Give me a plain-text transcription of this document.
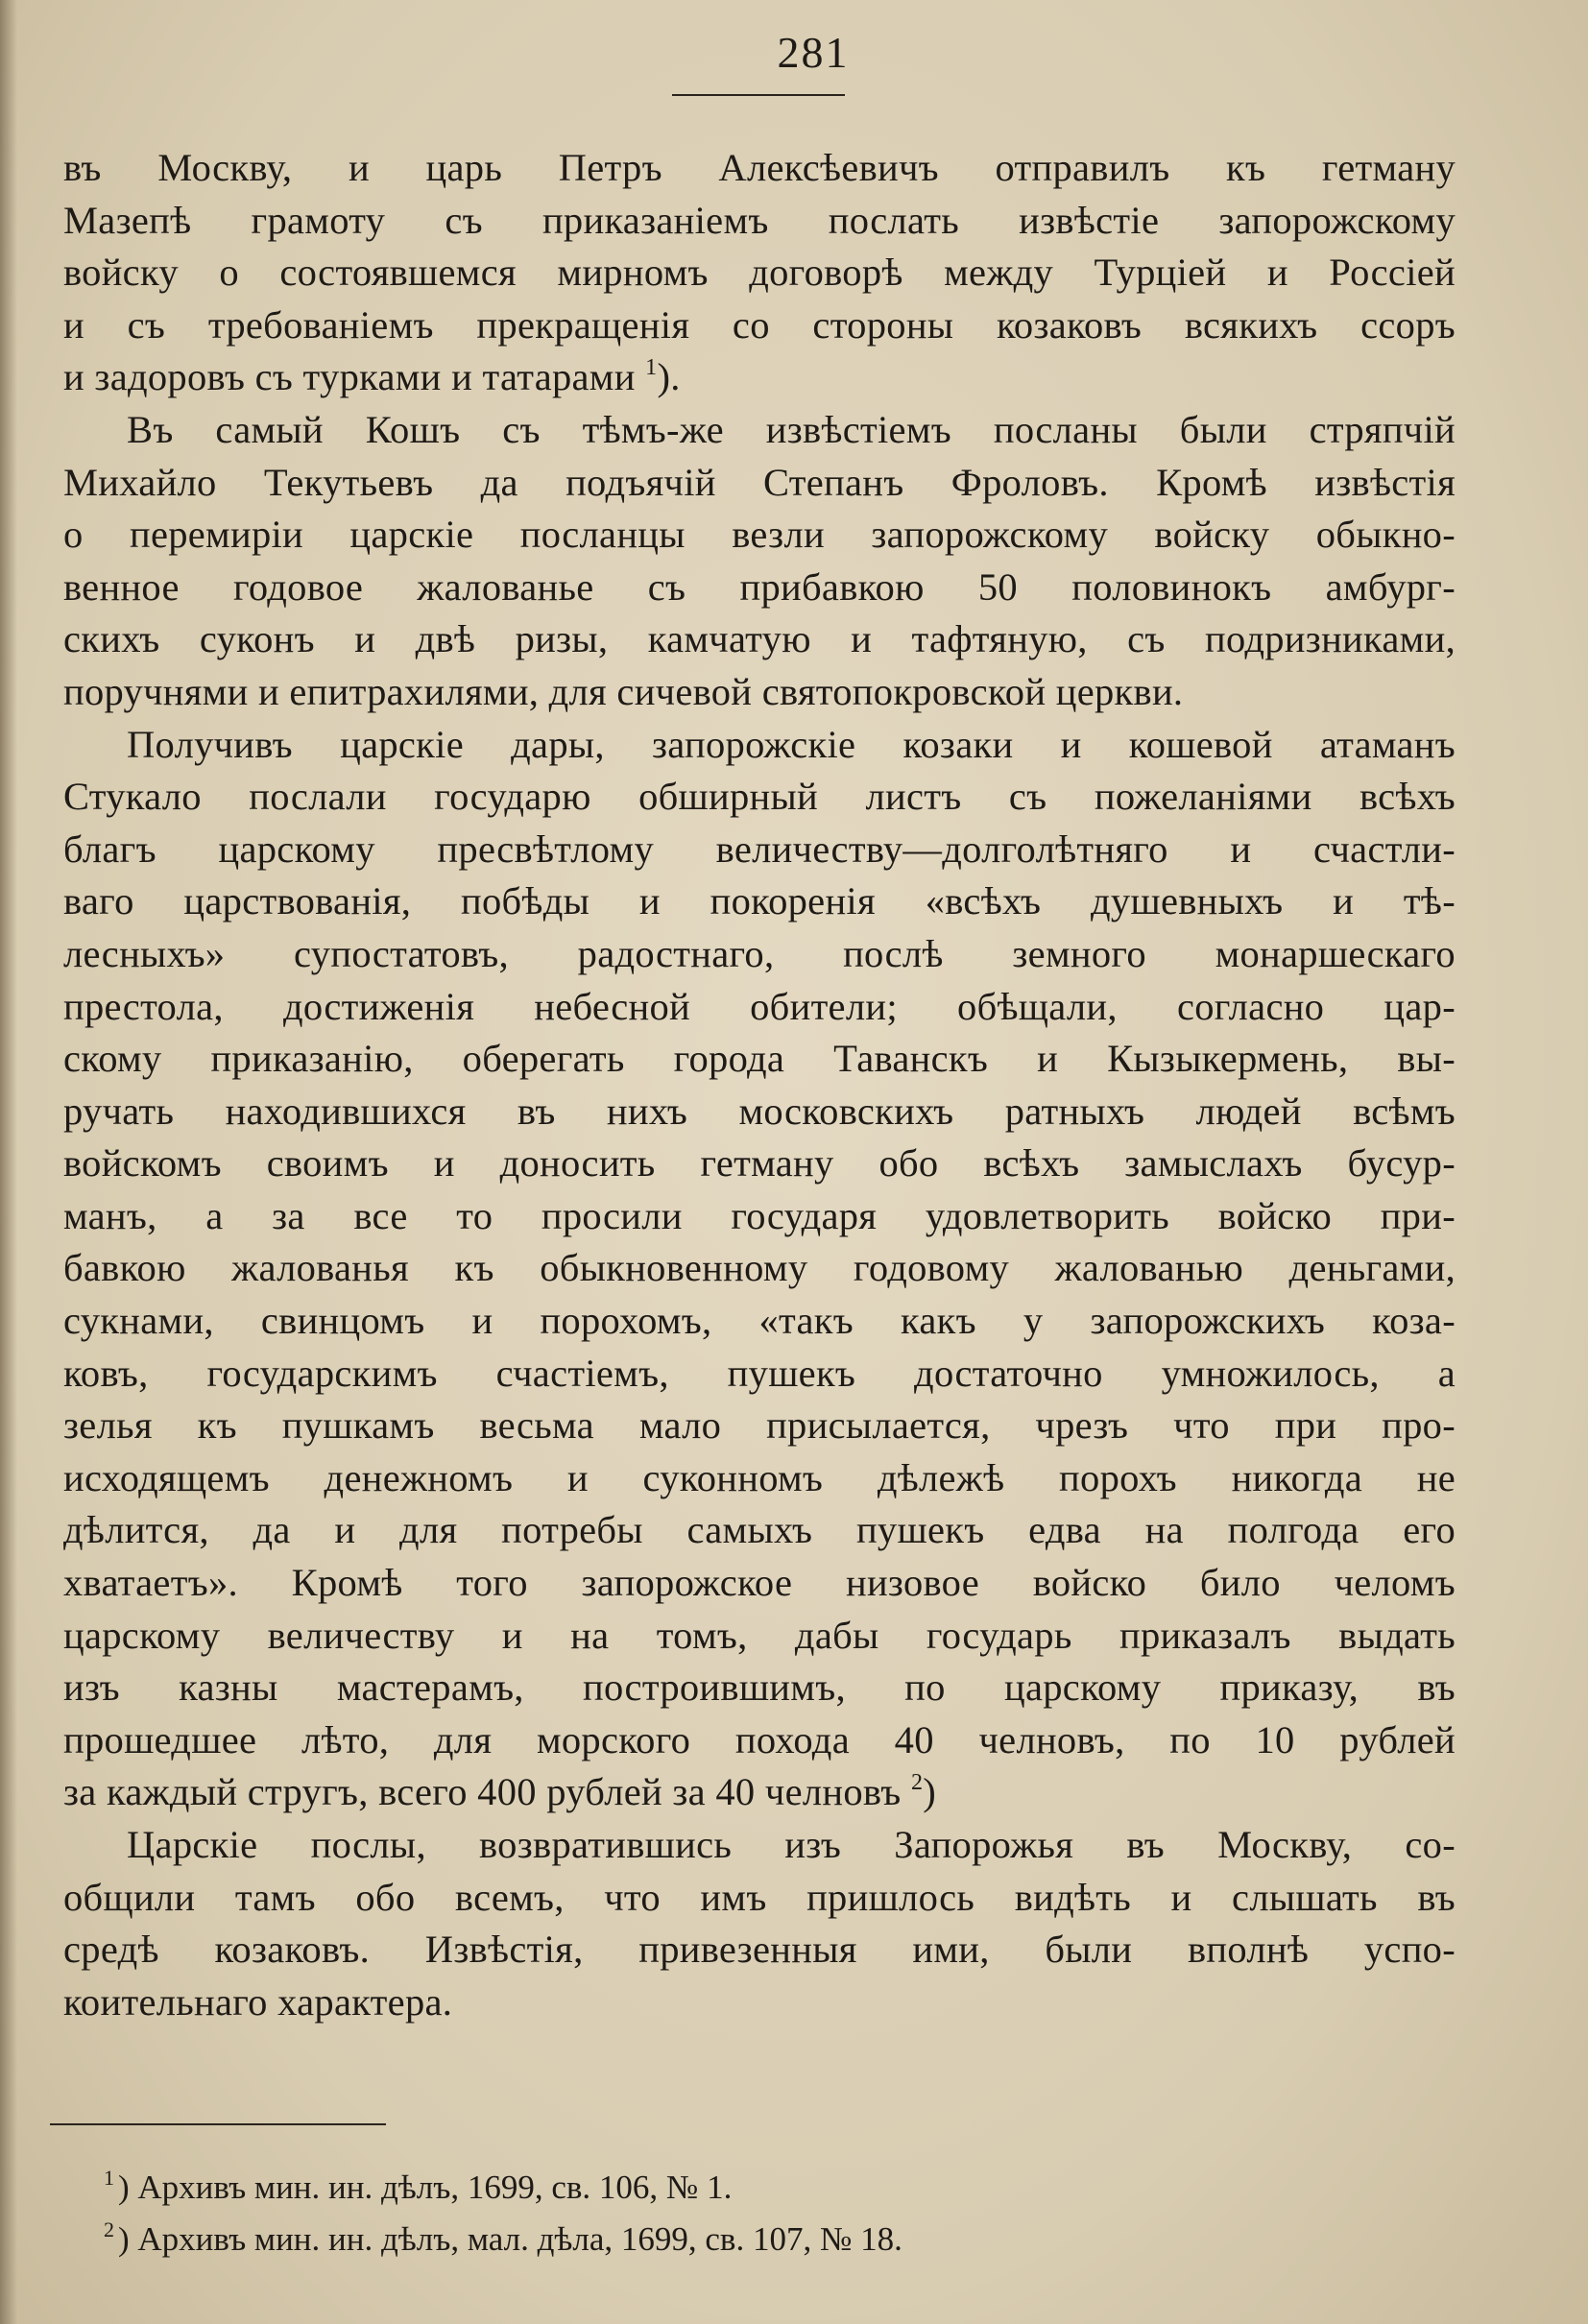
281
въ Москву, и царь Петръ Алексѣевичъ отправилъ къ гетману
Мазепѣ грамоту съ приказаніемъ послать извѣстіе запорожскому
войску о состоявшемся мирномъ договорѣ между Турціей и Россіей
и съ требованіемъ прекращенія со стороны козаковъ всякихъ ссоръ
и задоровъ съ турками и татарами $^1$).
Въ самый Кошъ съ тѣмъ-же извѣстіемъ посланы были стряпчій
Михайло Текутьевъ да подъячій Степанъ Фроловъ. Кромѣ извѣстія
о перемиріи царскіе посланцы везли запорожскому войску обыкно-
венное годовое жалованье съ прибавкою 50 половинокъ амбург-
скихъ суконъ и двѣ ризы, камчатую и тафтяную, съ подризниками,
поручнями и епитрахилями, для сичевой святопокровской церкви.
Получивъ царскіе дары, запорожскіе козаки и кошевой атаманъ
Стукало послали государю обширный листъ съ пожеланіями всѣхъ
благъ царскому пресвѣтлому величеству—долголѣтняго и счастли-
ваго царствованія, побѣды и покоренія «всѣхъ душевныхъ и тѣ-
лесныхъ» супостатовъ, радостнаго, послѣ земного монаршескаго
престола, достиженія небесной обители; обѣщали, согласно цар-
скому приказанію, оберегать города Таванскъ и Кызыкермень, вы-
ручать находившихся въ нихъ московскихъ ратныхъ людей всѣмъ
войскомъ своимъ и доносить гетману обо всѣхъ замыслахъ бусур-
манъ, а за все то просили государя удовлетворить войско при-
бавкою жалованья къ обыкновенному годовому жалованью деньгами,
сукнами, свинцомъ и порохомъ, «такъ какъ у запорожскихъ коза-
ковъ, государскимъ счастіемъ, пушекъ достаточно умножилось, а
зелья къ пушкамъ весьма мало присылается, чрезъ что при про-
исходящемъ денежномъ и суконномъ дѣлежѣ порохъ никогда не
дѣлится, да и для потребы самыхъ пушекъ едва на полгода его
хватаетъ». Кромѣ того запорожское низовое войско било челомъ
царскому величеству и на томъ, дабы государь приказалъ выдать
изъ казны мастерамъ, построившимъ, по царскому приказу, въ
прошедшее лѣто, для морского похода 40 челновъ, по 10 рублей
за каждый стругъ, всего 400 рублей за 40 челновъ $^2$)
Царскіе послы, возвратившись изъ Запорожья въ Москву, со-
общили тамъ обо всемъ, что имъ пришлось видѣть и слышать въ
средѣ козаковъ. Извѣстія, привезенныя ими, были вполнѣ успо-
коительнаго характера.
$^1$ ) Архивъ мин. ин. дѣлъ, 1699, св. 106, № 1.
$^2$ ) Архивъ мин. ин. дѣлъ, мал. дѣла, 1699, св. 107, № 18.
